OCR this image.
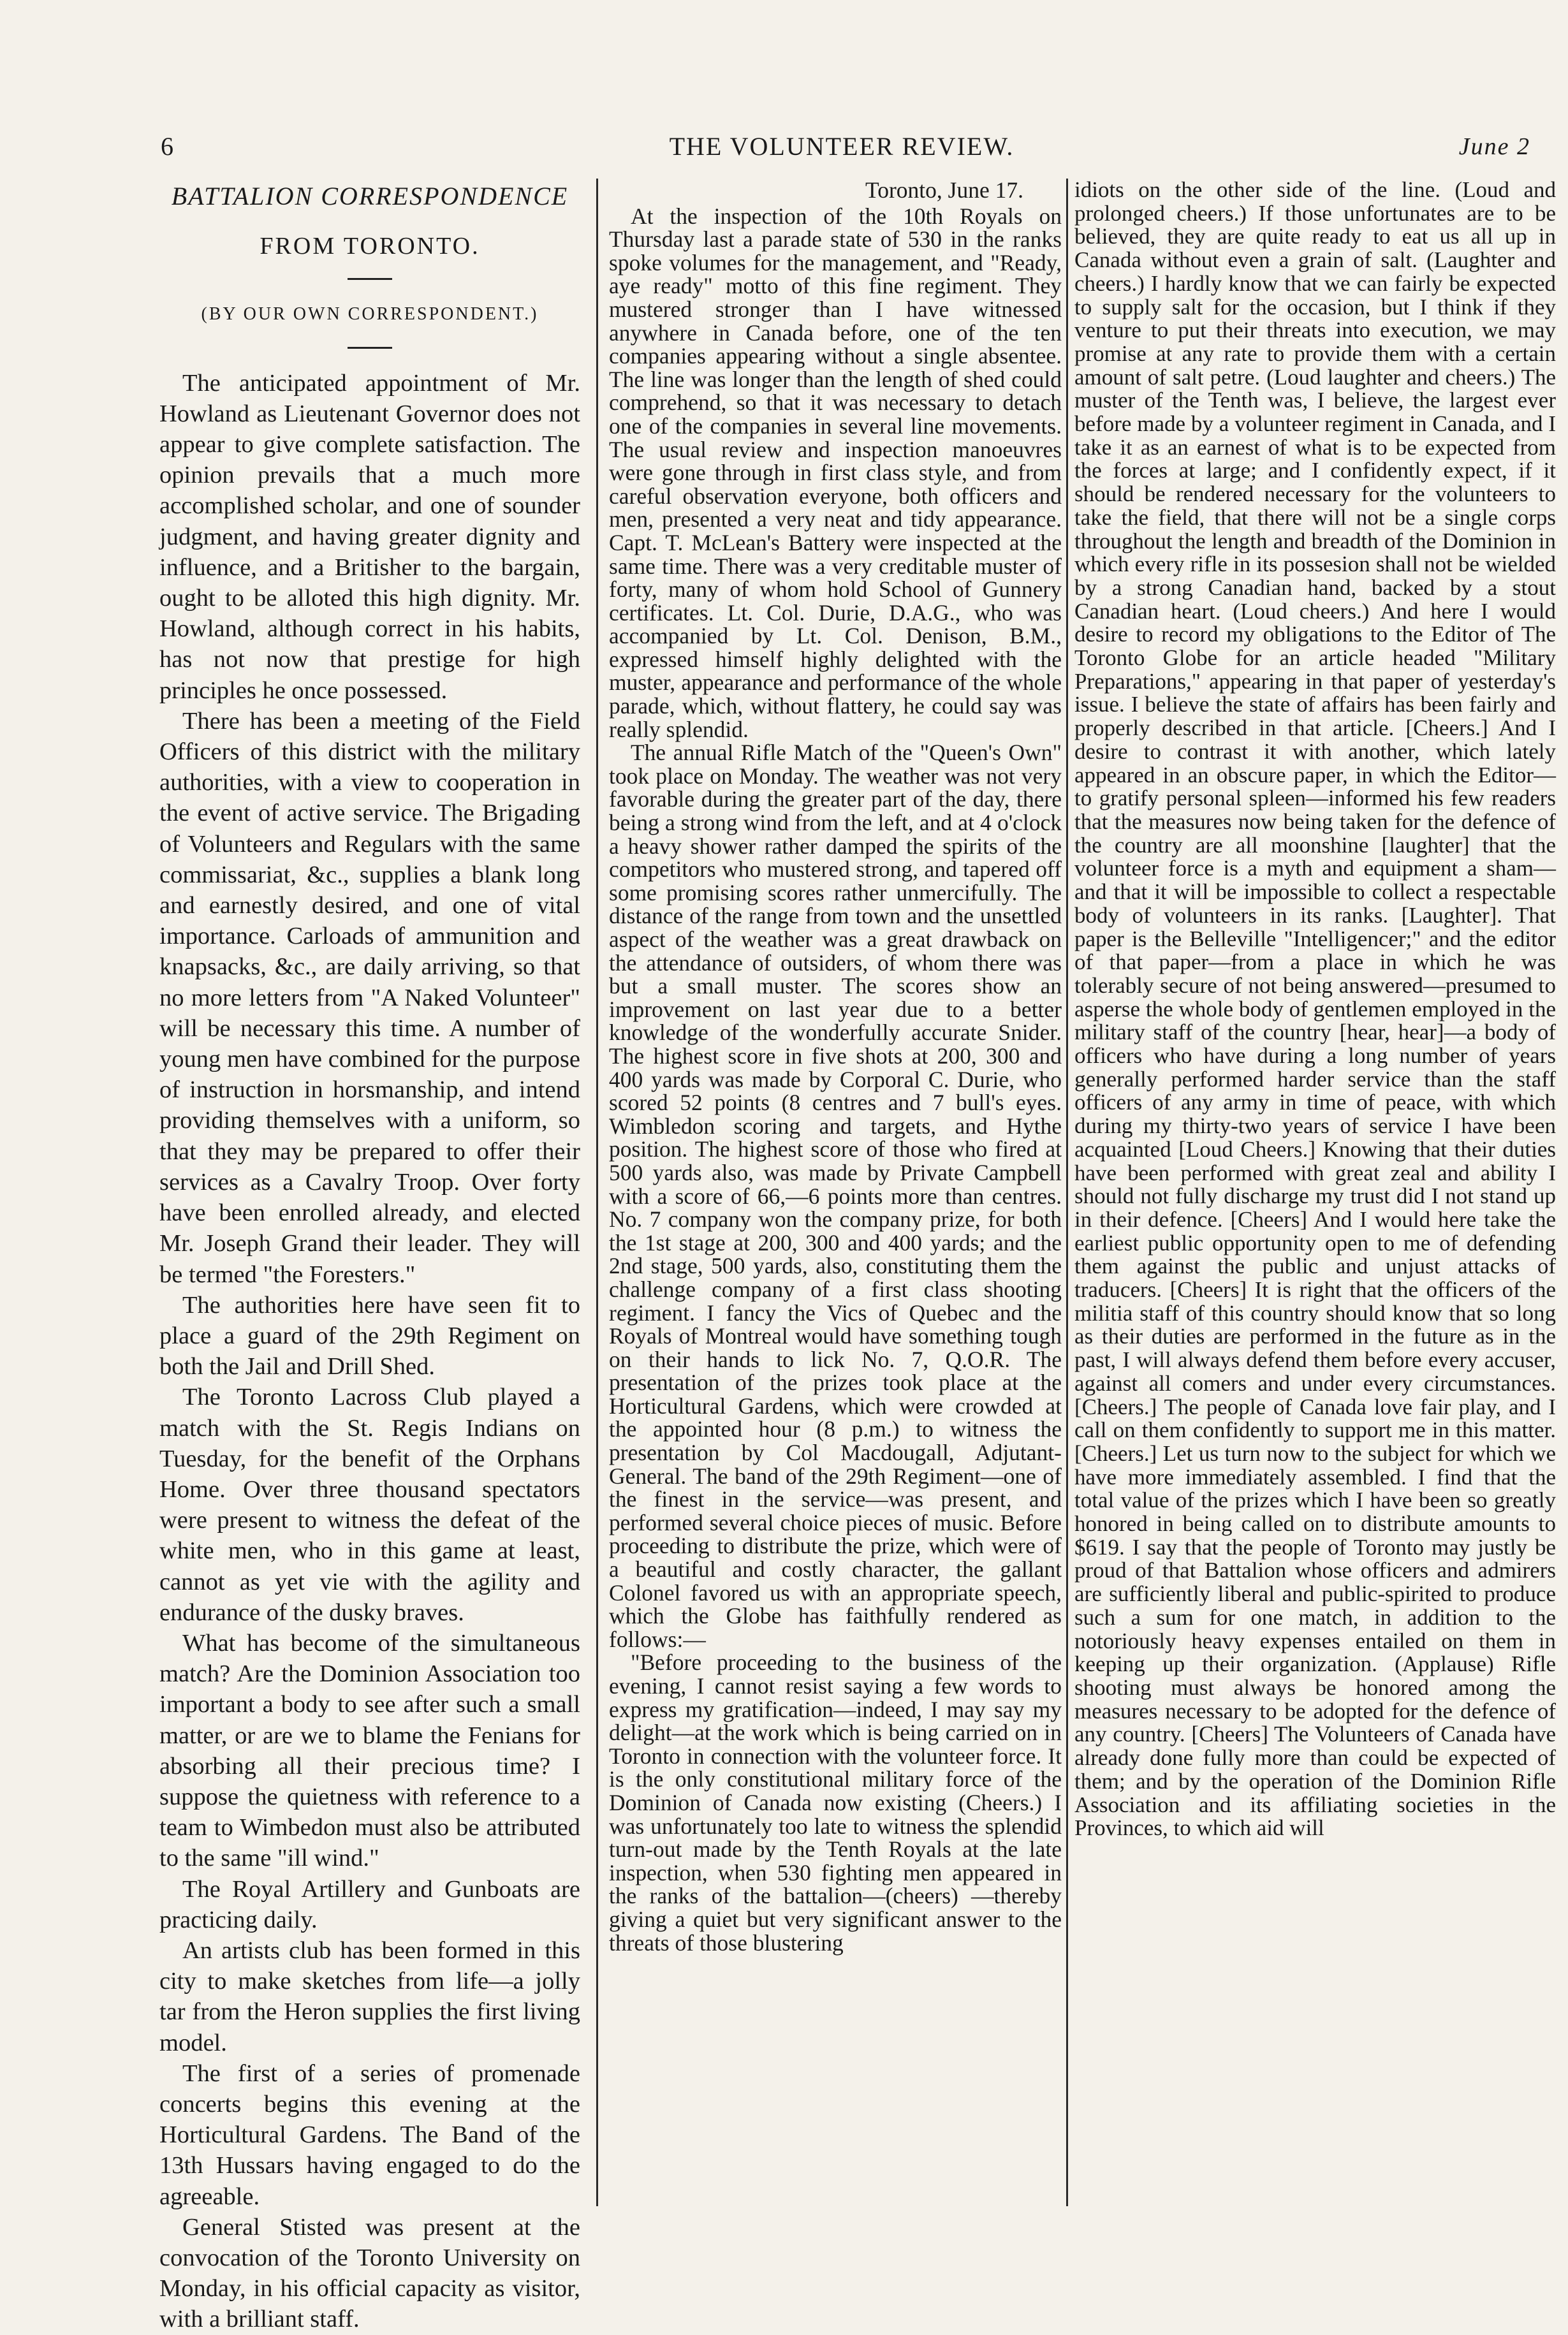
6	THE VOLUNTEER REVIEW.	June 2
BATTALION CORRESPONDENCE
FROM TORONTO.
(BY OUR OWN CORRESPONDENT.)

The anticipated appointment of Mr. Howland as Lieutenant Governor does not appear to give complete satisfaction. The opinion prevails that a much more accomplished scholar, and one of sounder judgment, and having greater dignity and influence, and a Britisher to the bargain, ought to be alloted this high dignity. Mr. Howland, although correct in his habits, has not now that prestige for high principles he once possessed.

There has been a meeting of the Field Officers of this district with the military authorities, with a view to cooperation in the event of active service. The Brigading of Volunteers and Regulars with the same commissariat, &c., supplies a blank long and earnestly desired, and one of vital importance. Carloads of ammunition and knapsacks, &c., are daily arriving, so that no more letters from "A Naked Volunteer" will be necessary this time. A number of young men have combined for the purpose of instruction in horsmanship, and intend providing themselves with a uniform, so that they may be prepared to offer their services as a Cavalry Troop. Over forty have been enrolled already, and elected Mr. Joseph Grand their leader. They will be termed "the Foresters."

The authorities here have seen fit to place a guard of the 29th Regiment on both the Jail and Drill Shed.

The Toronto Lacross Club played a match with the St. Regis Indians on Tuesday, for the benefit of the Orphans Home. Over three thousand spectators were present to witness the defeat of the white men, who in this game at least, cannot as yet vie with the agility and endurance of the dusky braves.

What has become of the simultaneous match? Are the Dominion Association too important a body to see after such a small matter, or are we to blame the Fenians for absorbing all their precious time? I suppose the quietness with reference to a team to Wimbedon must also be attributed to the same "ill wind."

The Royal Artillery and Gunboats are practicing daily.

An artists club has been formed in this city to make sketches from life—a jolly tar from the Heron supplies the first living model.

The first of a series of promenade concerts begins this evening at the Horticultural Gardens. The Band of the 13th Hussars having engaged to do the agreeable.

General Stisted was present at the convocation of the Toronto University on Monday, in his official capacity as visitor, with a brilliant staff.

Toronto, June 17.

At the inspection of the 10th Royals on Thursday last a parade state of 530 in the ranks spoke volumes for the management, and "Ready, aye ready" motto of this fine regiment. They mustered stronger than I have witnessed anywhere in Canada before, one of the ten companies appearing without a single absentee. The line was longer than the length of shed could comprehend, so that it was necessary to detach one of the companies in several line movements. The usual review and inspection manoeuvres were gone through in first class style, and from careful observation everyone, both officers and men, presented a very neat and tidy appearance. Capt. T. McLean's Battery were inspected at the same time. There was a very creditable muster of forty, many of whom hold School of Gunnery certificates. Lt. Col. Durie, D.A.G., who was accompanied by Lt. Col. Denison, B.M., expressed himself highly delighted with the muster, appearance and performance of the whole parade, which, without flattery, he could say was really splendid.

The annual Rifle Match of the "Queen's Own" took place on Monday. The weather was not very favorable during the greater part of the day, there being a strong wind from the left, and at 4 o'clock a heavy shower rather damped the spirits of the competitors who mustered strong, and tapered off some promising scores rather unmercifully. The distance of the range from town and the unsettled aspect of the weather was a great drawback on the attendance of outsiders, of whom there was but a small muster. The scores show an improvement on last year due to a better knowledge of the wonderfully accurate Snider. The highest score in five shots at 200, 300 and 400 yards was made by Corporal C. Durie, who scored 52 points (8 centres and 7 bull's eyes. Wimbledon scoring and targets, and Hythe position. The highest score of those who fired at 500 yards also, was made by Private Campbell with a score of 66,—6 points more than centres. No. 7 company won the company prize, for both the 1st stage at 200, 300 and 400 yards; and the 2nd stage, 500 yards, also, constituting them the challenge company of a first class shooting regiment. I fancy the Vics of Quebec and the Royals of Montreal would have something tough on their hands to lick No. 7, Q.O.R. The presentation of the prizes took place at the Horticultural Gardens, which were crowded at the appointed hour (8 p.m.) to witness the presentation by Col Macdougall, Adjutant-General. The band of the 29th Regiment—one of the finest in the service—was present, and performed several choice pieces of music. Before proceeding to distribute the prize, which were of a beautiful and costly character, the gallant Colonel favored us with an appropriate speech, which the Globe has faithfully rendered as follows:—

"Before proceeding to the business of the evening, I cannot resist saying a few words to express my gratification—indeed, I may say my delight—at the work which is being carried on in Toronto in connection with the volunteer force. It is the only constitutional military force of the Dominion of Canada now existing (Cheers.) I was unfortunately too late to witness the splendid turn-out made by the Tenth Royals at the late inspection, when 530 fighting men appeared in the ranks of the battalion—(cheers) —thereby giving a quiet but very significant answer to the threats of those blustering

idiots on the other side of the line. (Loud and prolonged cheers.) If those unfortunates are to be believed, they are quite ready to eat us all up in Canada without even a grain of salt. (Laughter and cheers.) I hardly know that we can fairly be expected to supply salt for the occasion, but I think if they venture to put their threats into execution, we may promise at any rate to provide them with a certain amount of salt petre. (Loud laughter and cheers.) The muster of the Tenth was, I believe, the largest ever before made by a volunteer regiment in Canada, and I take it as an earnest of what is to be expected from the forces at large; and I confidently expect, if it should be rendered necessary for the volunteers to take the field, that there will not be a single corps throughout the length and breadth of the Dominion in which every rifle in its possesion shall not be wielded by a strong Canadian hand, backed by a stout Canadian heart. (Loud cheers.) And here I would desire to record my obligations to the Editor of The Toronto Globe for an article headed "Military Preparations," appearing in that paper of yesterday's issue. I believe the state of affairs has been fairly and properly described in that article. [Cheers.] And I desire to contrast it with another, which lately appeared in an obscure paper, in which the Editor—to gratify personal spleen—informed his few readers that the measures now being taken for the defence of the country are all moonshine [laughter] that the volunteer force is a myth and equipment a sham—and that it will be impossible to collect a respectable body of volunteers in its ranks. [Laughter]. That paper is the Belleville "Intelligencer;" and the editor of that paper—from a place in which he was tolerably secure of not being answered—presumed to asperse the whole body of gentlemen employed in the military staff of the country [hear, hear]—a body of officers who have during a long number of years generally performed harder service than the staff officers of any army in time of peace, with which during my thirty-two years of service I have been acquainted [Loud Cheers.] Knowing that their duties have been performed with great zeal and ability I should not fully discharge my trust did I not stand up in their defence. [Cheers] And I would here take the earliest public opportunity open to me of defending them against the public and unjust attacks of traducers. [Cheers] It is right that the officers of the militia staff of this country should know that so long as their duties are performed in the future as in the past, I will always defend them before every accuser, against all comers and under every circumstances. [Cheers.] The people of Canada love fair play, and I call on them confidently to support me in this matter. [Cheers.] Let us turn now to the subject for which we have more immediately assembled. I find that the total value of the prizes which I have been so greatly honored in being called on to distribute amounts to $619. I say that the people of Toronto may justly be proud of that Battalion whose officers and admirers are sufficiently liberal and public-spirited to produce such a sum for one match, in addition to the notoriously heavy expenses entailed on them in keeping up their organization. (Applause) Rifle shooting must always be honored among the measures necessary to be adopted for the defence of any country. [Cheers] The Volunteers of Canada have already done fully more than could be expected of them; and by the operation of the Dominion Rifle Association and its affiliating societies in the Provinces, to which aid will
